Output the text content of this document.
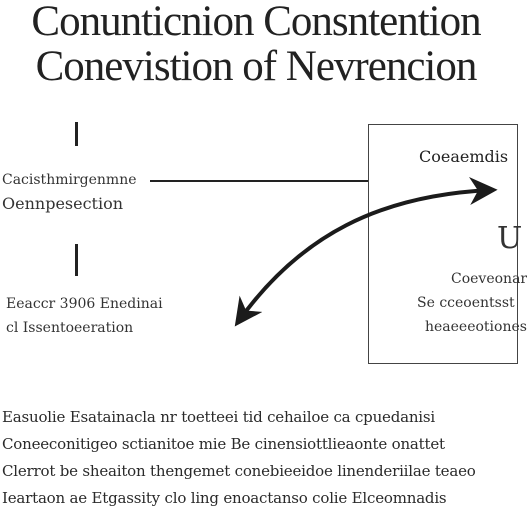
Conunticnion Consntention
Conevistion of Nevrencion
Cacisthmirgenmne
Oennpesection
Eeaccr 3906 Enedinai
cl Issentoeeration
Coeaemdis
U
Coeveonar
Se cceoentsst
heaeeeotiones
Easuolie Esatainacla nr toetteei tid cehailoe ca cpuedanisi
Coneeconitigeo sctianitoe mie Be cinensiottlieaonte onattet
Clerrot be sheaiton thengemet conebieeidoe linenderiilae teaeo
Ieartaon ae Etgassity clo ling enoactanso colie Elceomnadis
